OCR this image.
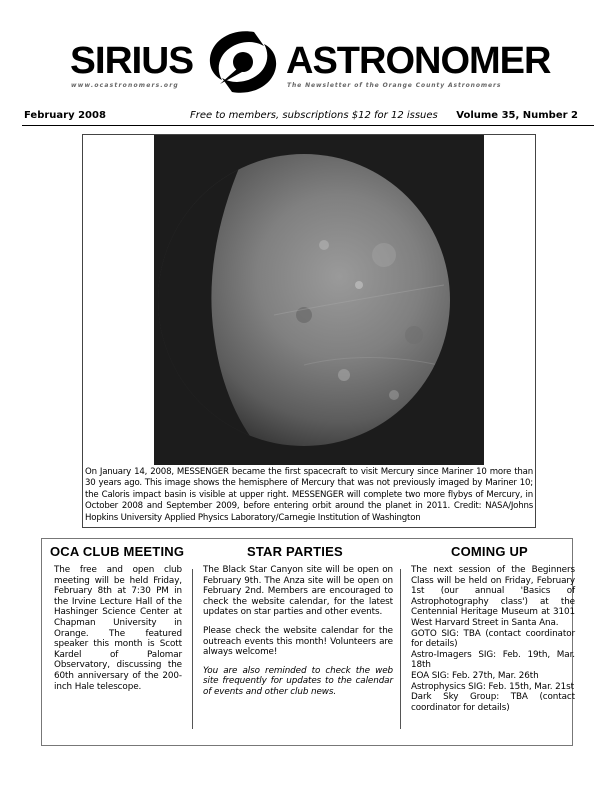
SIRIUS ASTRONOMER
www.ocastronomers.org	The Newsletter of the Orange County Astronomers
February 2008	Free to members, subscriptions $12 for 12 issues Volume 35, Number 2
On January 14, 2008, MESSENGER became the first spacecraft to visit Mercury since Mariner 10 more than 30 years ago. This image shows the hemisphere of Mercury that was not previously imaged by Mariner 10; the Caloris impact basin is visible at upper right. MESSENGER will complete two more flybys of Mercury, in October 2008 and September 2009, before entering orbit around the planet in 2011. Credit: NASA/Johns Hopkins University Applied Physics Laboratory/Carnegie Institution of Washington
OCA CLUB MEETING	STAR PARTIES	COMING UP
The free and open club meeting will be held Friday, February 8th at 7:30 PM in the Irvine Lecture Hall of the Hashinger Science Center at Chapman University in Orange. The featured speaker this month is Scott Kardel of Palomar Observatory, discussing the 60th anniversary of the 200-inch Hale telescope.

The Black Star Canyon site will be open on February 9th. The Anza site will be open on February 2nd. Members are encouraged to check the website calendar, for the latest updates on star parties and other events.

Please check the website calendar for the outreach events this month! Volunteers are always welcome!

You are also reminded to check the web site frequently for updates to the calendar of events and other club news.

The next session of the Beginners Class will be held on Friday, February 1st (our annual 'Basics of Astrophotography class') at the Centennial Heritage Museum at 3101 West Harvard Street in Santa Ana.

GOTO SIG: TBA (contact coordinator for details)

Astro-Imagers SIG: Feb. 19th, Mar. 18th

EOA SIG: Feb. 27th, Mar. 26th

Astrophysics SIG: Feb. 15th, Mar. 21st

Dark Sky Group: TBA (contact coordinator for details)
